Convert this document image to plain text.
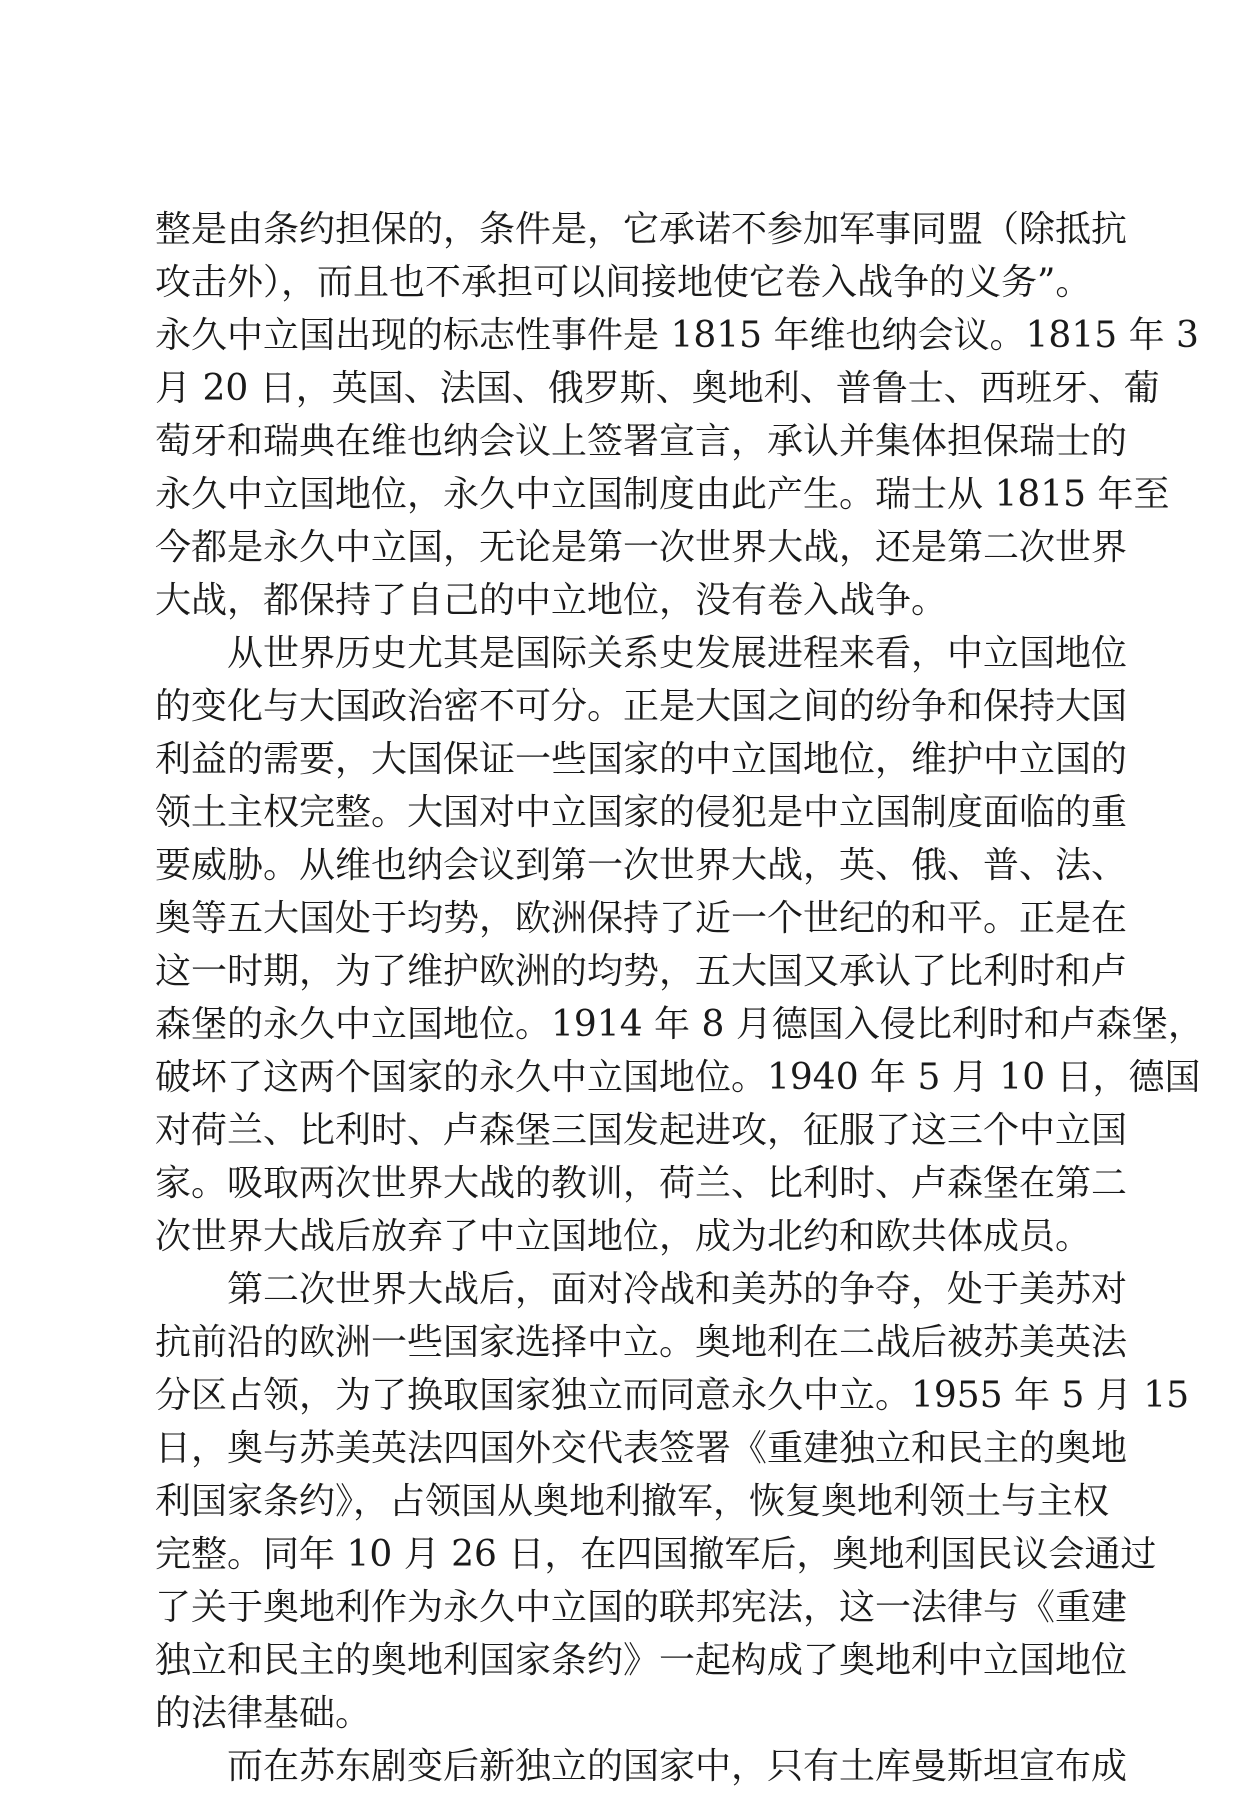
整是由条约担保的，条件是，它承诺不参加军事同盟（除抵抗
攻击外），而且也不承担可以间接地使它卷入战争的义务”。
永久中立国出现的标志性事件是 1815 年维也纳会议。1815 年 3
月 20 日，英国、法国、俄罗斯、奥地利、普鲁士、西班牙、葡
萄牙和瑞典在维也纳会议上签署宣言，承认并集体担保瑞士的
永久中立国地位，永久中立国制度由此产生。瑞士从 1815 年至
今都是永久中立国，无论是第一次世界大战，还是第二次世界
大战，都保持了自己的中立地位，没有卷入战争。
从世界历史尤其是国际关系史发展进程来看，中立国地位
的变化与大国政治密不可分。正是大国之间的纷争和保持大国
利益的需要，大国保证一些国家的中立国地位，维护中立国的
领土主权完整。大国对中立国家的侵犯是中立国制度面临的重
要威胁。从维也纳会议到第一次世界大战，英、俄、普、法、
奥等五大国处于均势，欧洲保持了近一个世纪的和平。正是在
这一时期，为了维护欧洲的均势，五大国又承认了比利时和卢
森堡的永久中立国地位。1914 年 8 月德国入侵比利时和卢森堡，
破坏了这两个国家的永久中立国地位。1940 年 5 月 10 日，德国
对荷兰、比利时、卢森堡三国发起进攻，征服了这三个中立国
家。吸取两次世界大战的教训，荷兰、比利时、卢森堡在第二
次世界大战后放弃了中立国地位，成为北约和欧共体成员。
第二次世界大战后，面对冷战和美苏的争夺，处于美苏对
抗前沿的欧洲一些国家选择中立。奥地利在二战后被苏美英法
分区占领，为了换取国家独立而同意永久中立。1955 年 5 月 15
日，奥与苏美英法四国外交代表签署《重建独立和民主的奥地
利国家条约》，占领国从奥地利撤军，恢复奥地利领土与主权
完整。同年 10 月 26 日，在四国撤军后，奥地利国民议会通过
了关于奥地利作为永久中立国的联邦宪法，这一法律与《重建
独立和民主的奥地利国家条约》一起构成了奥地利中立国地位
的法律基础。
而在苏东剧变后新独立的国家中，只有土库曼斯坦宣布成
